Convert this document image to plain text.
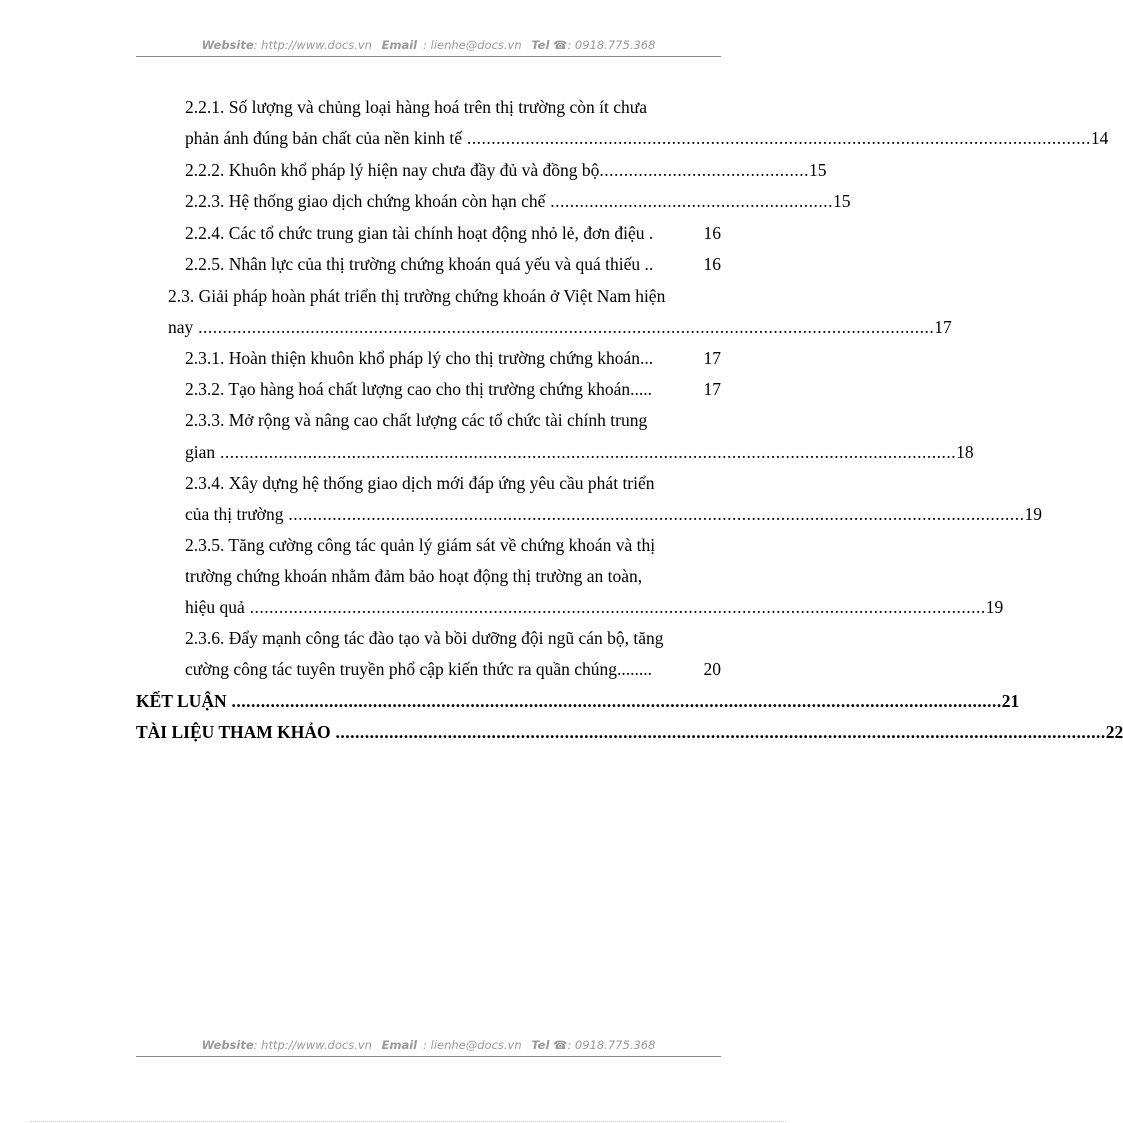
Website: http://www.docs.vn Email : lienhe@docs.vn Tel ☎: 0918.775.368
2.2.1. Số lượng và chủng loại hàng hoá trên thị trường còn ít chưa
phản ánh đúng bản chất của nền kinh tế ................................................................................................................................ 14
2.2.2. Khuôn khổ pháp lý hiện nay chưa đầy đủ và đồng bộ ........................................... 15
2.2.3. Hệ thống giao dịch chứng khoán còn hạn chế .......................................................... 15
2.2.4. Các tổ chức trung gian tài chính hoạt động nhỏ lẻ, đơn điệu .	16
2.2.5. Nhân lực của thị trường chứng khoán quá yếu và quá thiếu ..	16
2.3. Giải pháp hoàn phát triển thị trường chứng khoán ở Việt Nam hiện
nay ....................................................................................................................................................... 17
2.3.1. Hoàn thiện khuôn khổ pháp lý cho thị trường chứng khoán...	17
2.3.2. Tạo hàng hoá chất lượng cao cho thị trường chứng khoán.....	17
2.3.3. Mở rộng và nâng cao chất lượng các tổ chức tài chính trung
gian ....................................................................................................................................................... 18
2.3.4. Xây dựng hệ thống giao dịch mới đáp ứng yêu cầu phát triển
của thị trường ....................................................................................................................................................... 19
2.3.5. Tăng cường công tác quản lý giám sát về chứng khoán và thị
trường chứng khoán nhằm đảm bảo hoạt động thị trường an toàn,
hiệu quả ....................................................................................................................................................... 19
2.3.6. Đẩy mạnh công tác đào tạo và bồi dưỡng đội ngũ cán bộ, tăng
cường công tác tuyên truyền phổ cập kiến thức ra quần chúng........	20
KẾT LUẬN .............................................................................................................................................................. 21
TÀI LIỆU THAM KHẢO .............................................................................................................................................................. 22
Website: http://www.docs.vn Email : lienhe@docs.vn Tel ☎: 0918.775.368
